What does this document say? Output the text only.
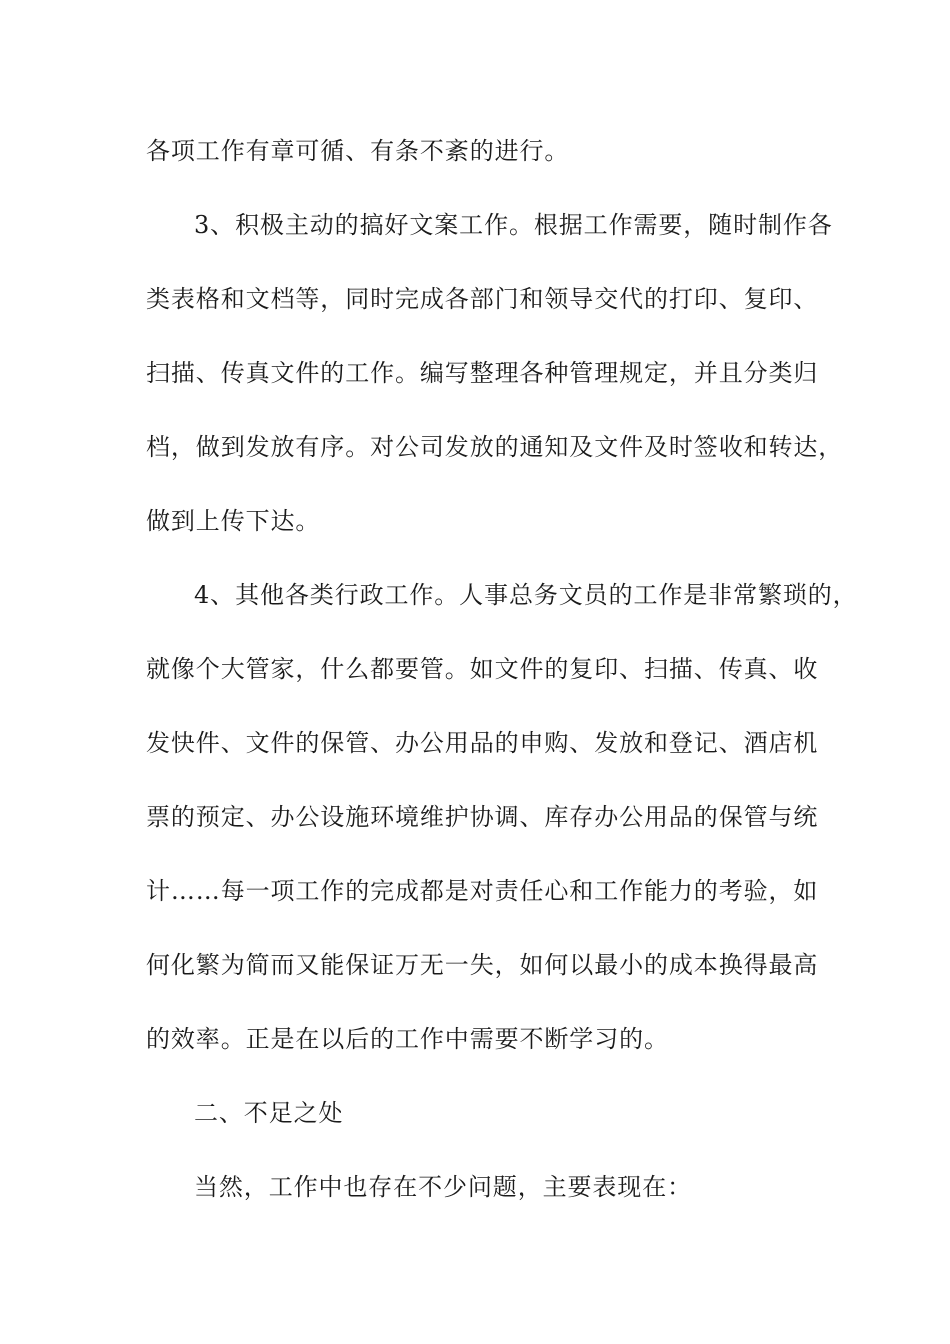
各项工作有章可循、有条不紊的进行。
3、积极主动的搞好文案工作。根据工作需要，随时制作各
类表格和文档等，同时完成各部门和领导交代的打印、复印、
扫描、传真文件的工作。编写整理各种管理规定，并且分类归
档，做到发放有序。对公司发放的通知及文件及时签收和转达，
做到上传下达。
4、其他各类行政工作。人事总务文员的工作是非常繁琐的，
就像个大管家，什么都要管。如文件的复印、扫描、传真、收
发快件、文件的保管、办公用品的申购、发放和登记、酒店机
票的预定、办公设施环境维护协调、库存办公用品的保管与统
计……每一项工作的完成都是对责任心和工作能力的考验，如
何化繁为简而又能保证万无一失，如何以最小的成本换得最高
的效率。正是在以后的工作中需要不断学习的。
二、不足之处
当然，工作中也存在不少问题，主要表现在：
